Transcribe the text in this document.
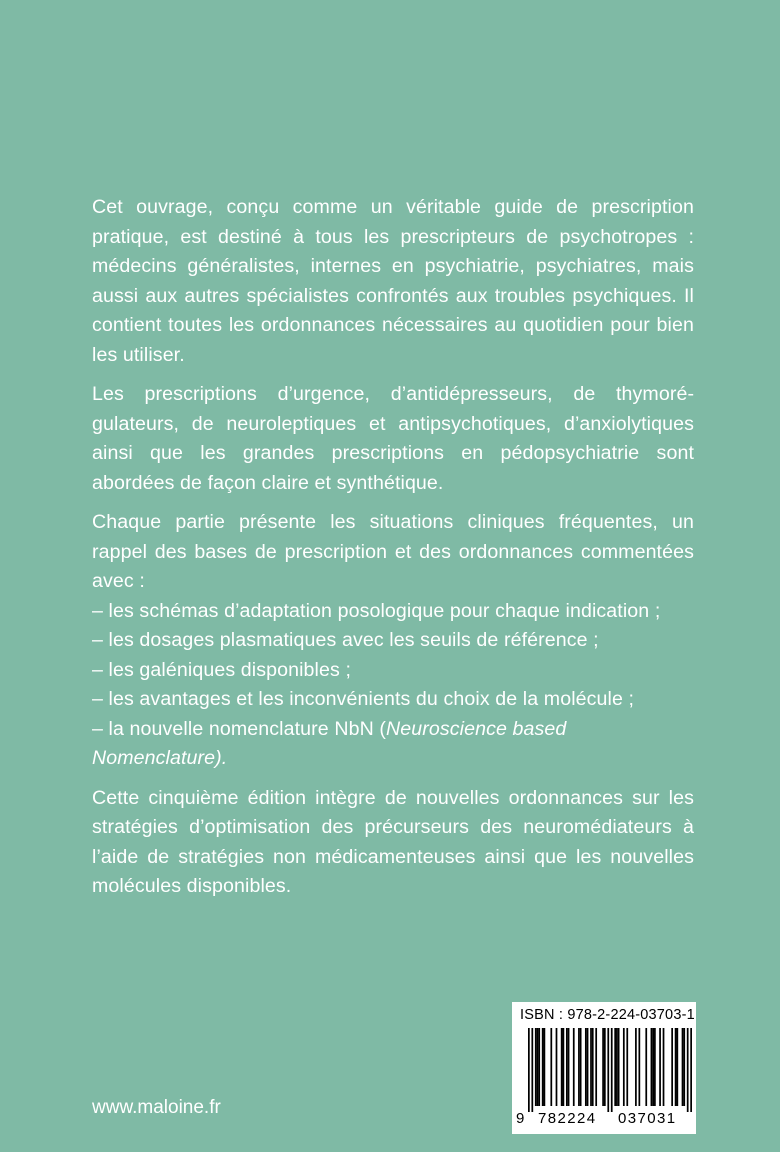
Cet ouvrage, conçu comme un véritable guide de prescription pratique, est destiné à tous les prescripteurs de psychotropes : médecins généralistes, internes en psychiatrie, psychiatres, mais aussi aux autres spécialistes confrontés aux troubles psychiques. Il contient toutes les ordonnances nécessaires au quotidien pour bien les utiliser.

Les prescriptions d’urgence, d’antidépresseurs, de thymorégulateurs, de neuroleptiques et antipsychotiques, d’anxiolytiques ainsi que les grandes prescriptions en pédopsychiatrie sont abordées de façon claire et synthétique.

Chaque partie présente les situations cliniques fréquentes, un rappel des bases de prescription et des ordonnances commentées avec :

– les schémas d’adaptation posologique pour chaque indication ;
– les dosages plasmatiques avec les seuils de référence ;
– les galéniques disponibles ;
– les avantages et les inconvénients du choix de la molécule ;
– la nouvelle nomenclature NbN (Neuroscience based Nomenclature).

Cette cinquième édition intègre de nouvelles ordonnances sur les stratégies d’optimisation des précurseurs des neuromédiateurs à l’aide de stratégies non médicamenteuses ainsi que les nouvelles molécules disponibles.

www.maloine.fr
ISBN : 978-2-224-03703-1
9 782224 037031
